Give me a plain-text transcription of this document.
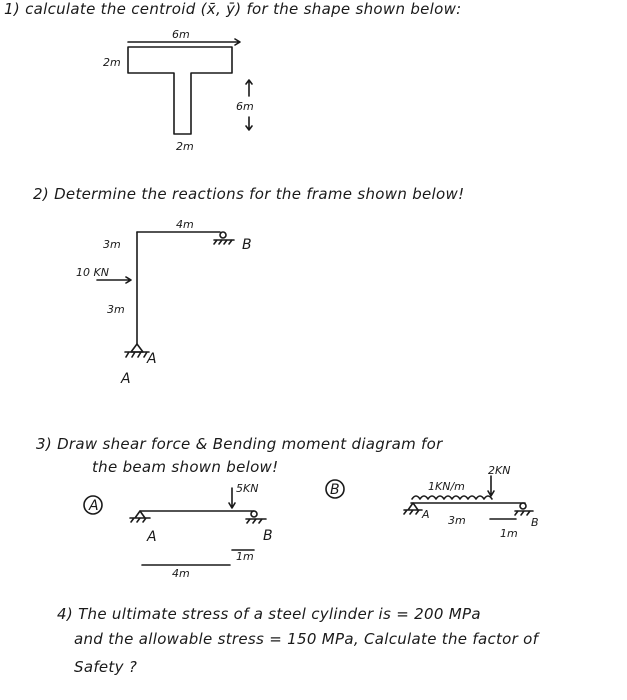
1) calculate the centroid (x̄, ȳ) for the shape shown below:
2) Determine the reactions for the frame shown below!
3) Draw shear force & Bending moment diagram for
the beam shown below!
4) The ultimate stress of a steel cylinder is = 200 MPa
and the allowable stress = 150 MPa, Calculate the factor of
Safety ?
6m
2m
6m
2m
4m
3m
3m
10 KN
B
A
A
A
5KN
A	B
4m
1m
B	1KN/m
2KN
A 3m
1m
B
